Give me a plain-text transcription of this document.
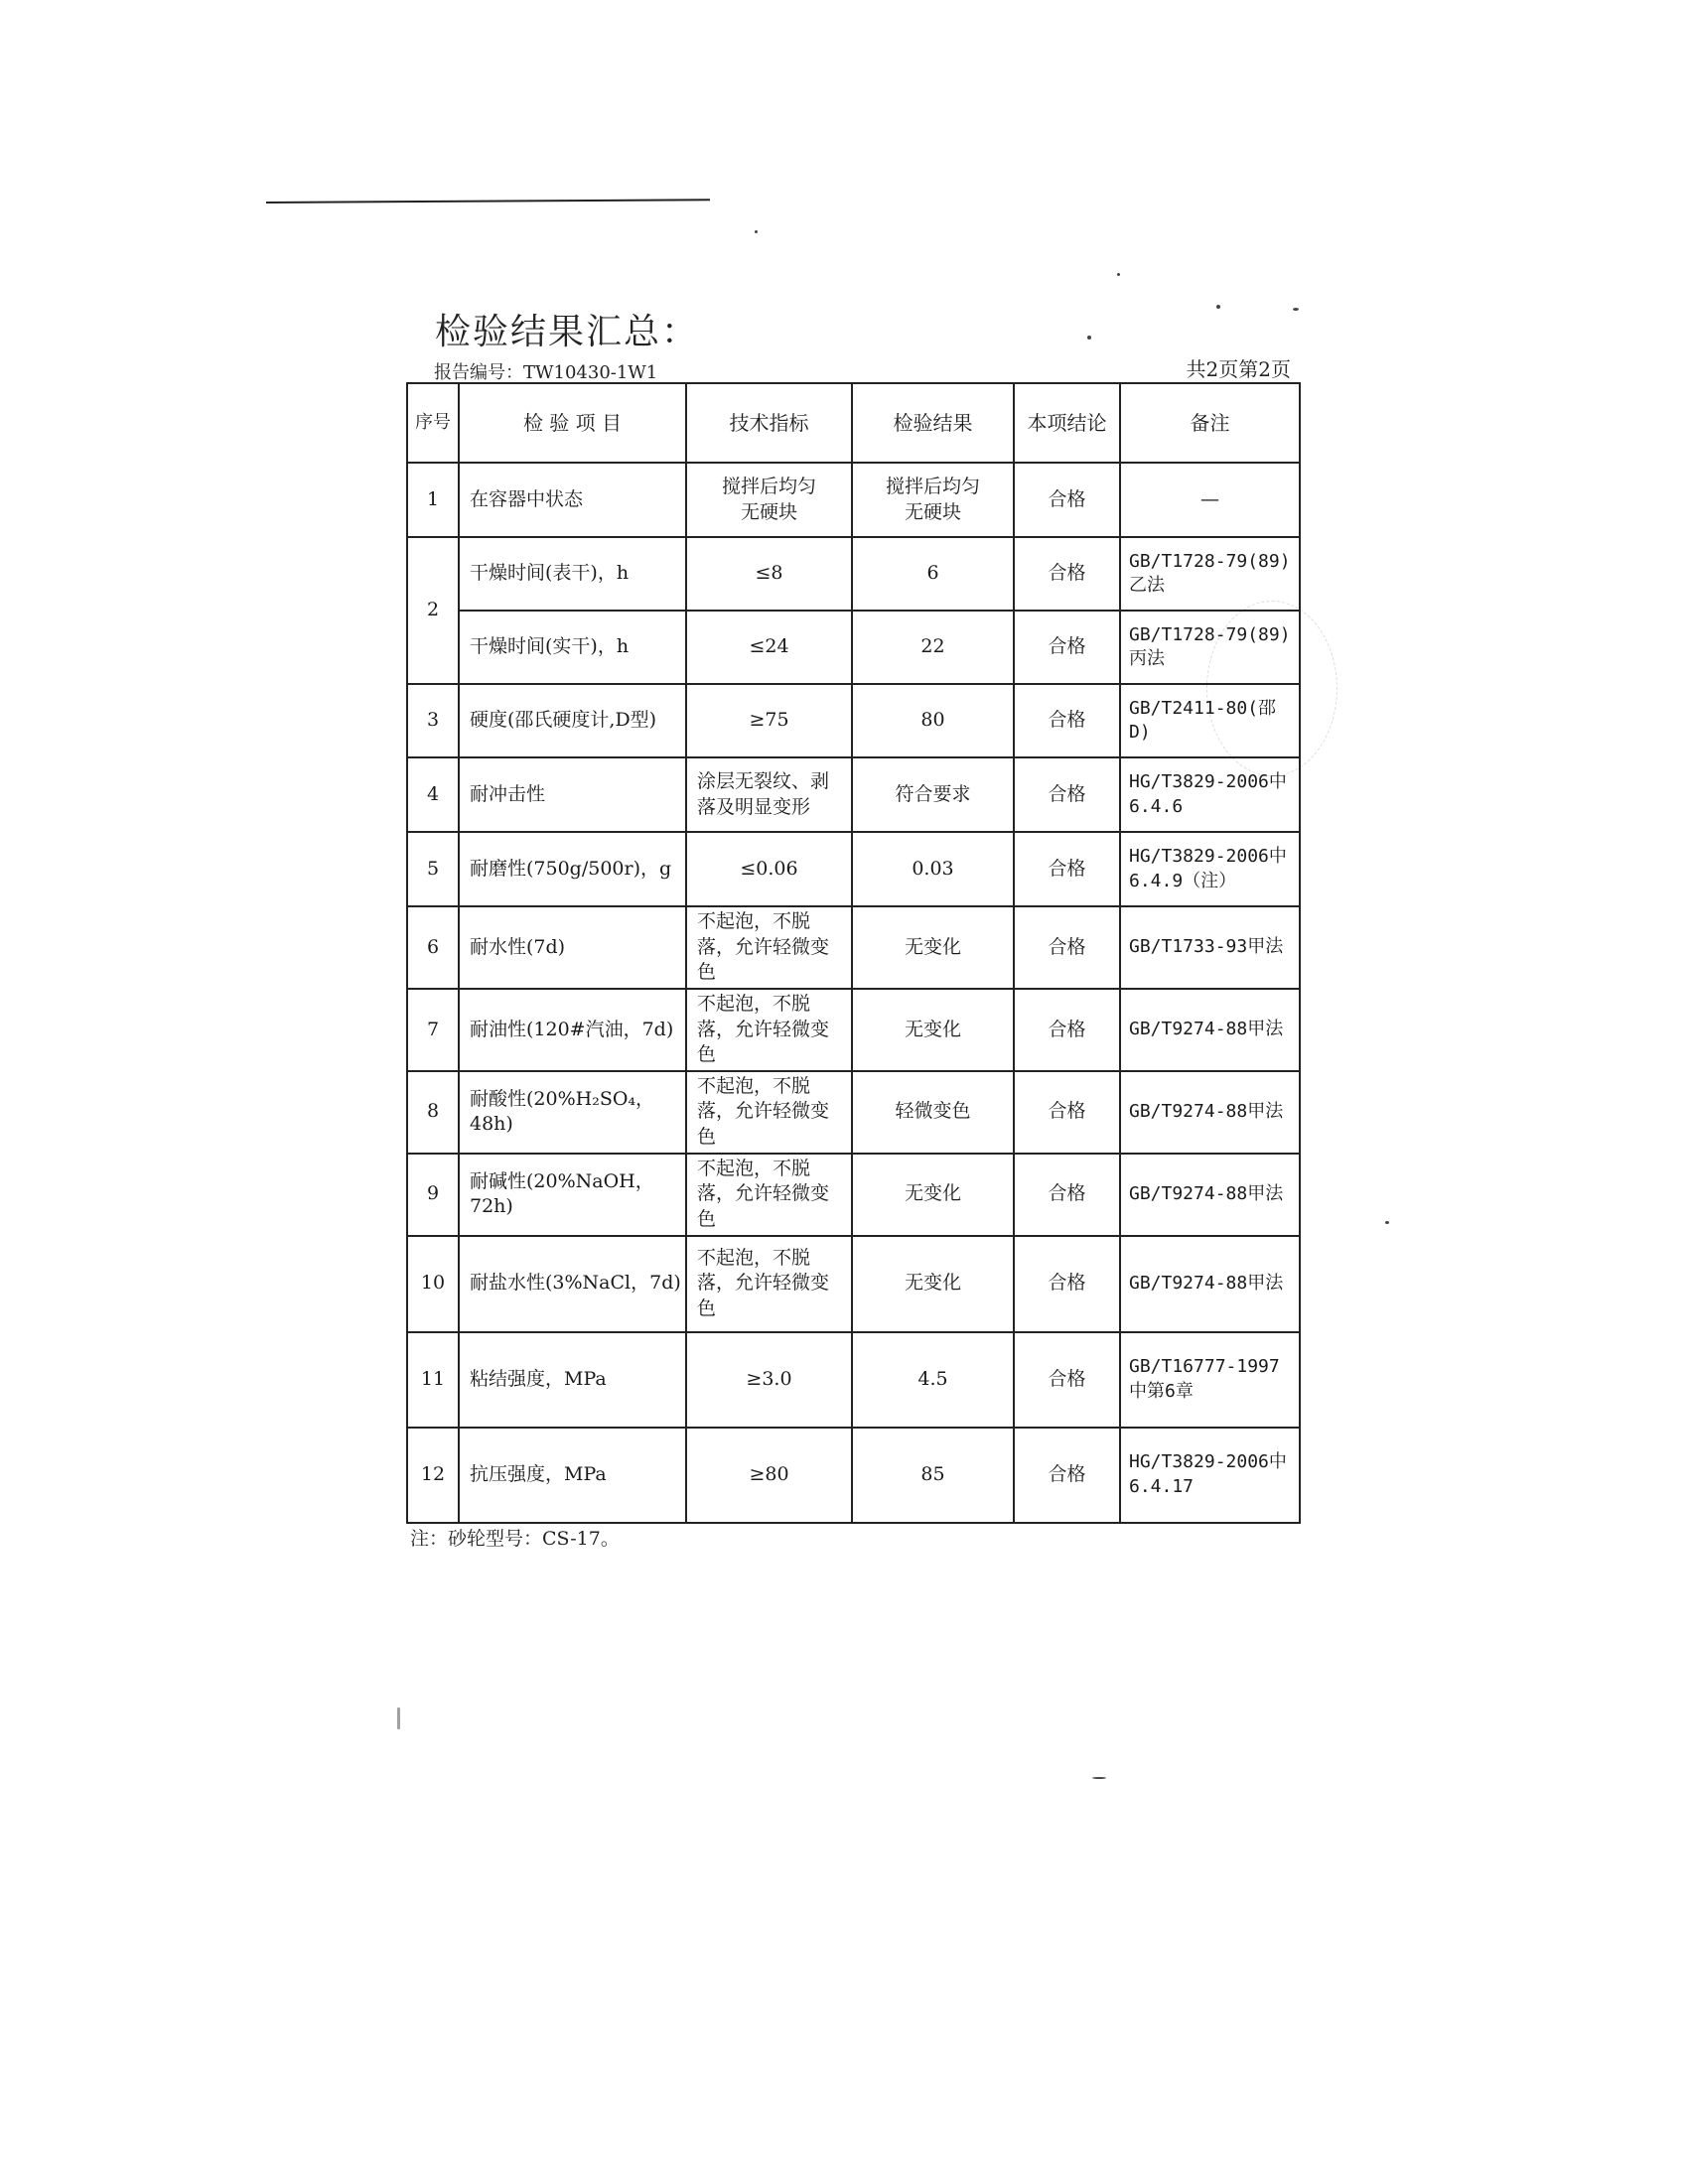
检验结果汇总：
报告编号：TW10430-1W1	共2页第2页
序号	检 验 项 目	技术指标	检验结果	本项结论	备注
1	在容器中状态	搅拌后均匀无硬块	搅拌后均匀无硬块	合格	—
2	干燥时间(表干)，h	≤8	6	合格	GB/T1728-79(89)乙法
	干燥时间(实干)，h	≤24	22	合格	GB/T1728-79(89)丙法
3	硬度(邵氏硬度计,D型)	≥75	80	合格	GB/T2411-80(邵D)
4	耐冲击性	涂层无裂纹、剥落及明显变形	符合要求	合格	HG/T3829-2006中6.4.6
5	耐磨性(750g/500r)，g	≤0.06	0.03	合格	HG/T3829-2006中6.4.9（注）
6	耐水性(7d)	不起泡，不脱落，允许轻微变色	无变化	合格	GB/T1733-93甲法
7	耐油性(120#汽油，7d)	不起泡，不脱落，允许轻微变色	无变化	合格	GB/T9274-88甲法
8	耐酸性(20%H₂SO₄，48h)	不起泡，不脱落，允许轻微变色	轻微变色	合格	GB/T9274-88甲法
9	耐碱性(20%NaOH，72h)	不起泡，不脱落，允许轻微变色	无变化	合格	GB/T9274-88甲法
10	耐盐水性(3%NaCl，7d)	不起泡，不脱落，允许轻微变色	无变化	合格	GB/T9274-88甲法
11	粘结强度，MPa	≥3.0	4.5	合格	GB/T16777-1997中第6章
12	抗压强度，MPa	≥80	85	合格	HG/T3829-2006中6.4.17
注：砂轮型号：CS-17。
